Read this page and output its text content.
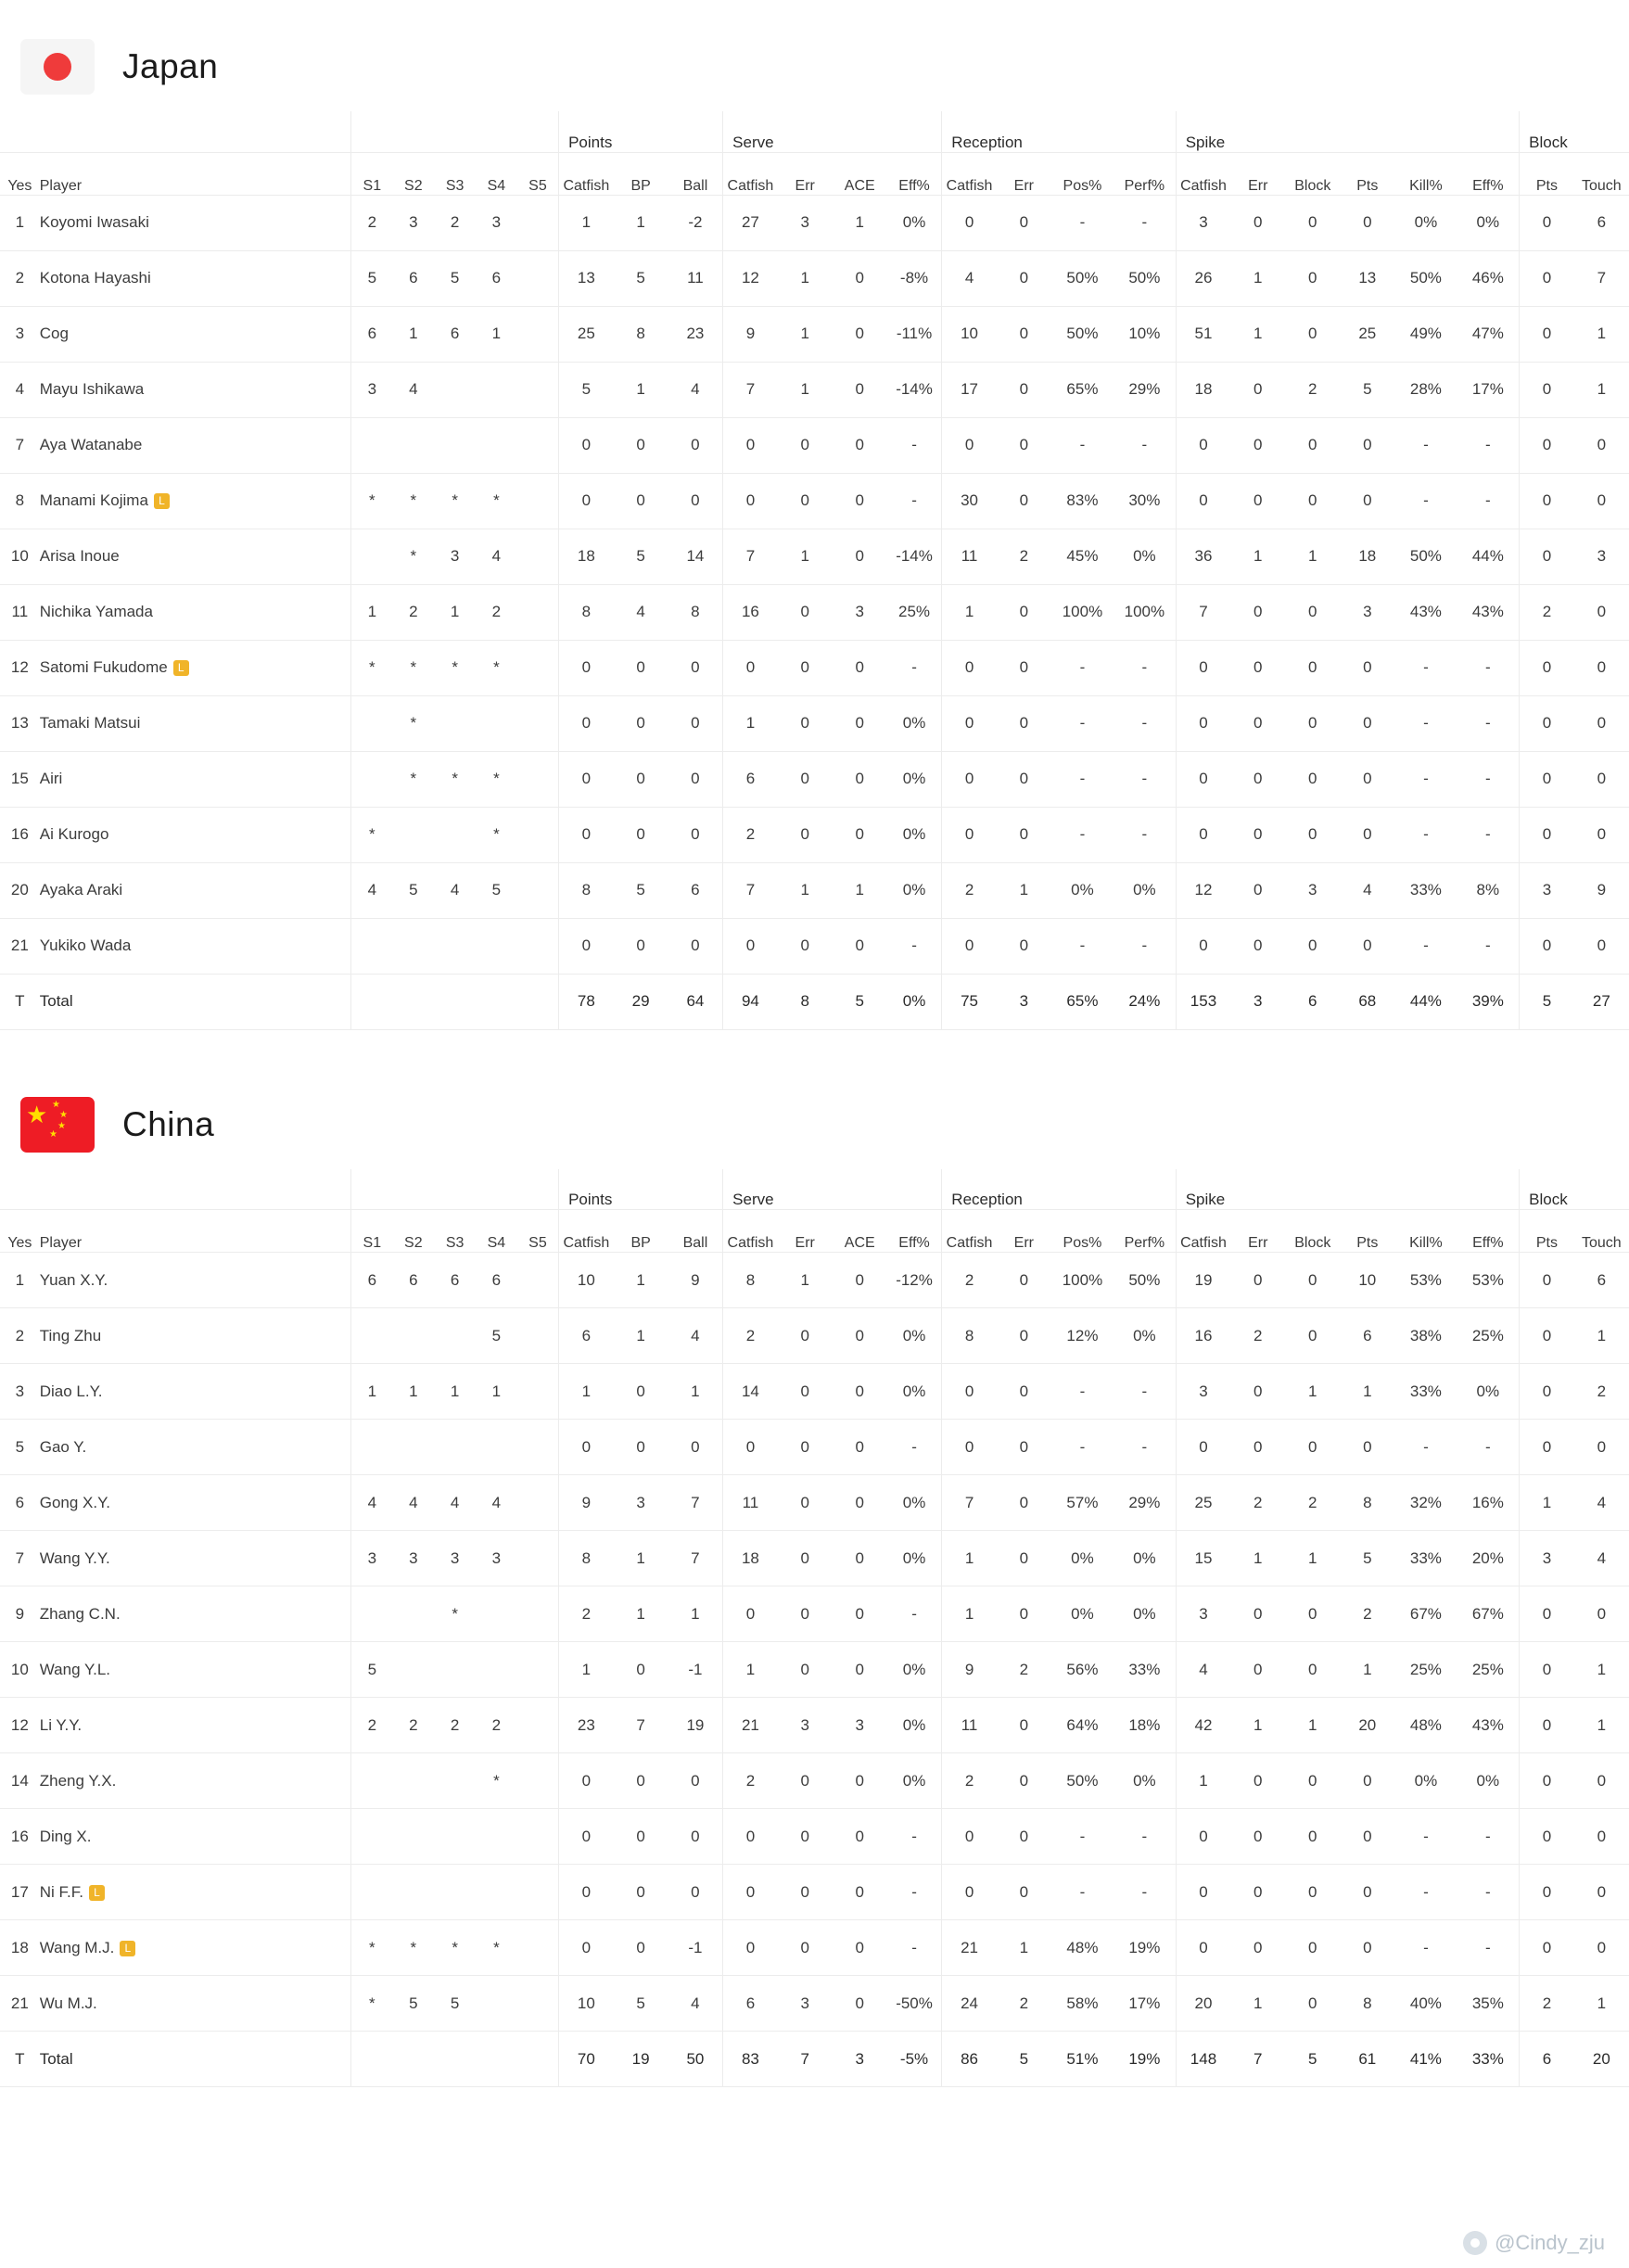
Japan
							Points			Serve				Reception				Spike						Block	
Yes	Player	S1	S2	S3	S4	S5	Catfish	BP	Ball	Catfish	Err	ACE	Eff%	Catfish	Err	Pos%	Perf%	Catfish	Err	Block	Pts	Kill%	Eff%	Pts	Touch
1	Koyomi Iwasaki	2	3	2	3		1	1	-2	27	3	1	0%	0	0	-	-	3	0	0	0	0%	0%	0	6
2	Kotona Hayashi	5	6	5	6		13	5	11	12	1	0	-8%	4	0	50%	50%	26	1	0	13	50%	46%	0	7
3	Cog	6	1	6	1		25	8	23	9	1	0	-11%	10	0	50%	10%	51	1	0	25	49%	47%	0	1
4	Mayu Ishikawa	3	4				5	1	4	7	1	0	-14%	17	0	65%	29%	18	0	2	5	28%	17%	0	1
7	Aya Watanabe						0	0	0	0	0	0	-	0	0	-	-	0	0	0	0	-	-	0	0
8	Manami Kojima L	*	*	*	*		0	0	0	0	0	0	-	30	0	83%	30%	0	0	0	0	-	-	0	0
10	Arisa Inoue		*	3	4		18	5	14	7	1	0	-14%	11	2	45%	0%	36	1	1	18	50%	44%	0	3
11	Nichika Yamada	1	2	1	2		8	4	8	16	0	3	25%	1	0	100%	100%	7	0	0	3	43%	43%	2	0
12	Satomi Fukudome L	*	*	*	*		0	0	0	0	0	0	-	0	0	-	-	0	0	0	0	-	-	0	0
13	Tamaki Matsui		*				0	0	0	1	0	0	0%	0	0	-	-	0	0	0	0	-	-	0	0
15	Airi		*	*	*		0	0	0	6	0	0	0%	0	0	-	-	0	0	0	0	-	-	0	0
16	Ai Kurogo	*			*		0	0	0	2	0	0	0%	0	0	-	-	0	0	0	0	-	-	0	0
20	Ayaka Araki	4	5	4	5		8	5	6	7	1	1	0%	2	1	0%	0%	12	0	3	4	33%	8%	3	9
21	Yukiko Wada						0	0	0	0	0	0	-	0	0	-	-	0	0	0	0	-	-	0	0
T	Total						78	29	64	94	8	5	0%	75	3	65%	24%	153	3	6	68	44%	39%	5	27
★ ★
★
★
★ China
							Points			Serve				Reception				Spike						Block	
Yes	Player	S1	S2	S3	S4	S5	Catfish	BP	Ball	Catfish	Err	ACE	Eff%	Catfish	Err	Pos%	Perf%	Catfish	Err	Block	Pts	Kill%	Eff%	Pts	Touch
1	Yuan X.Y.	6	6	6	6		10	1	9	8	1	0	-12%	2	0	100%	50%	19	0	0	10	53%	53%	0	6
2	Ting Zhu				5		6	1	4	2	0	0	0%	8	0	12%	0%	16	2	0	6	38%	25%	0	1
3	Diao L.Y.	1	1	1	1		1	0	1	14	0	0	0%	0	0	-	-	3	0	1	1	33%	0%	0	2
5	Gao Y.						0	0	0	0	0	0	-	0	0	-	-	0	0	0	0	-	-	0	0
6	Gong X.Y.	4	4	4	4		9	3	7	11	0	0	0%	7	0	57%	29%	25	2	2	8	32%	16%	1	4
7	Wang Y.Y.	3	3	3	3		8	1	7	18	0	0	0%	1	0	0%	0%	15	1	1	5	33%	20%	3	4
9	Zhang C.N.			*			2	1	1	0	0	0	-	1	0	0%	0%	3	0	0	2	67%	67%	0	0
10	Wang Y.L.	5					1	0	-1	1	0	0	0%	9	2	56%	33%	4	0	0	1	25%	25%	0	1
12	Li Y.Y.	2	2	2	2		23	7	19	21	3	3	0%	11	0	64%	18%	42	1	1	20	48%	43%	0	1
14	Zheng Y.X.				*		0	0	0	2	0	0	0%	2	0	50%	0%	1	0	0	0	0%	0%	0	0
16	Ding X.						0	0	0	0	0	0	-	0	0	-	-	0	0	0	0	-	-	0	0
17	Ni F.F. L						0	0	0	0	0	0	-	0	0	-	-	0	0	0	0	-	-	0	0
18	Wang M.J. L	*	*	*	*		0	0	-1	0	0	0	-	21	1	48%	19%	0	0	0	0	-	-	0	0
21	Wu M.J.	*	5	5			10	5	4	6	3	0	-50%	24	2	58%	17%	20	1	0	8	40%	35%	2	1
T	Total						70	19	50	83	7	3	-5%	86	5	51%	19%	148	7	5	61	41%	33%	6	20
@Cindy_zju
